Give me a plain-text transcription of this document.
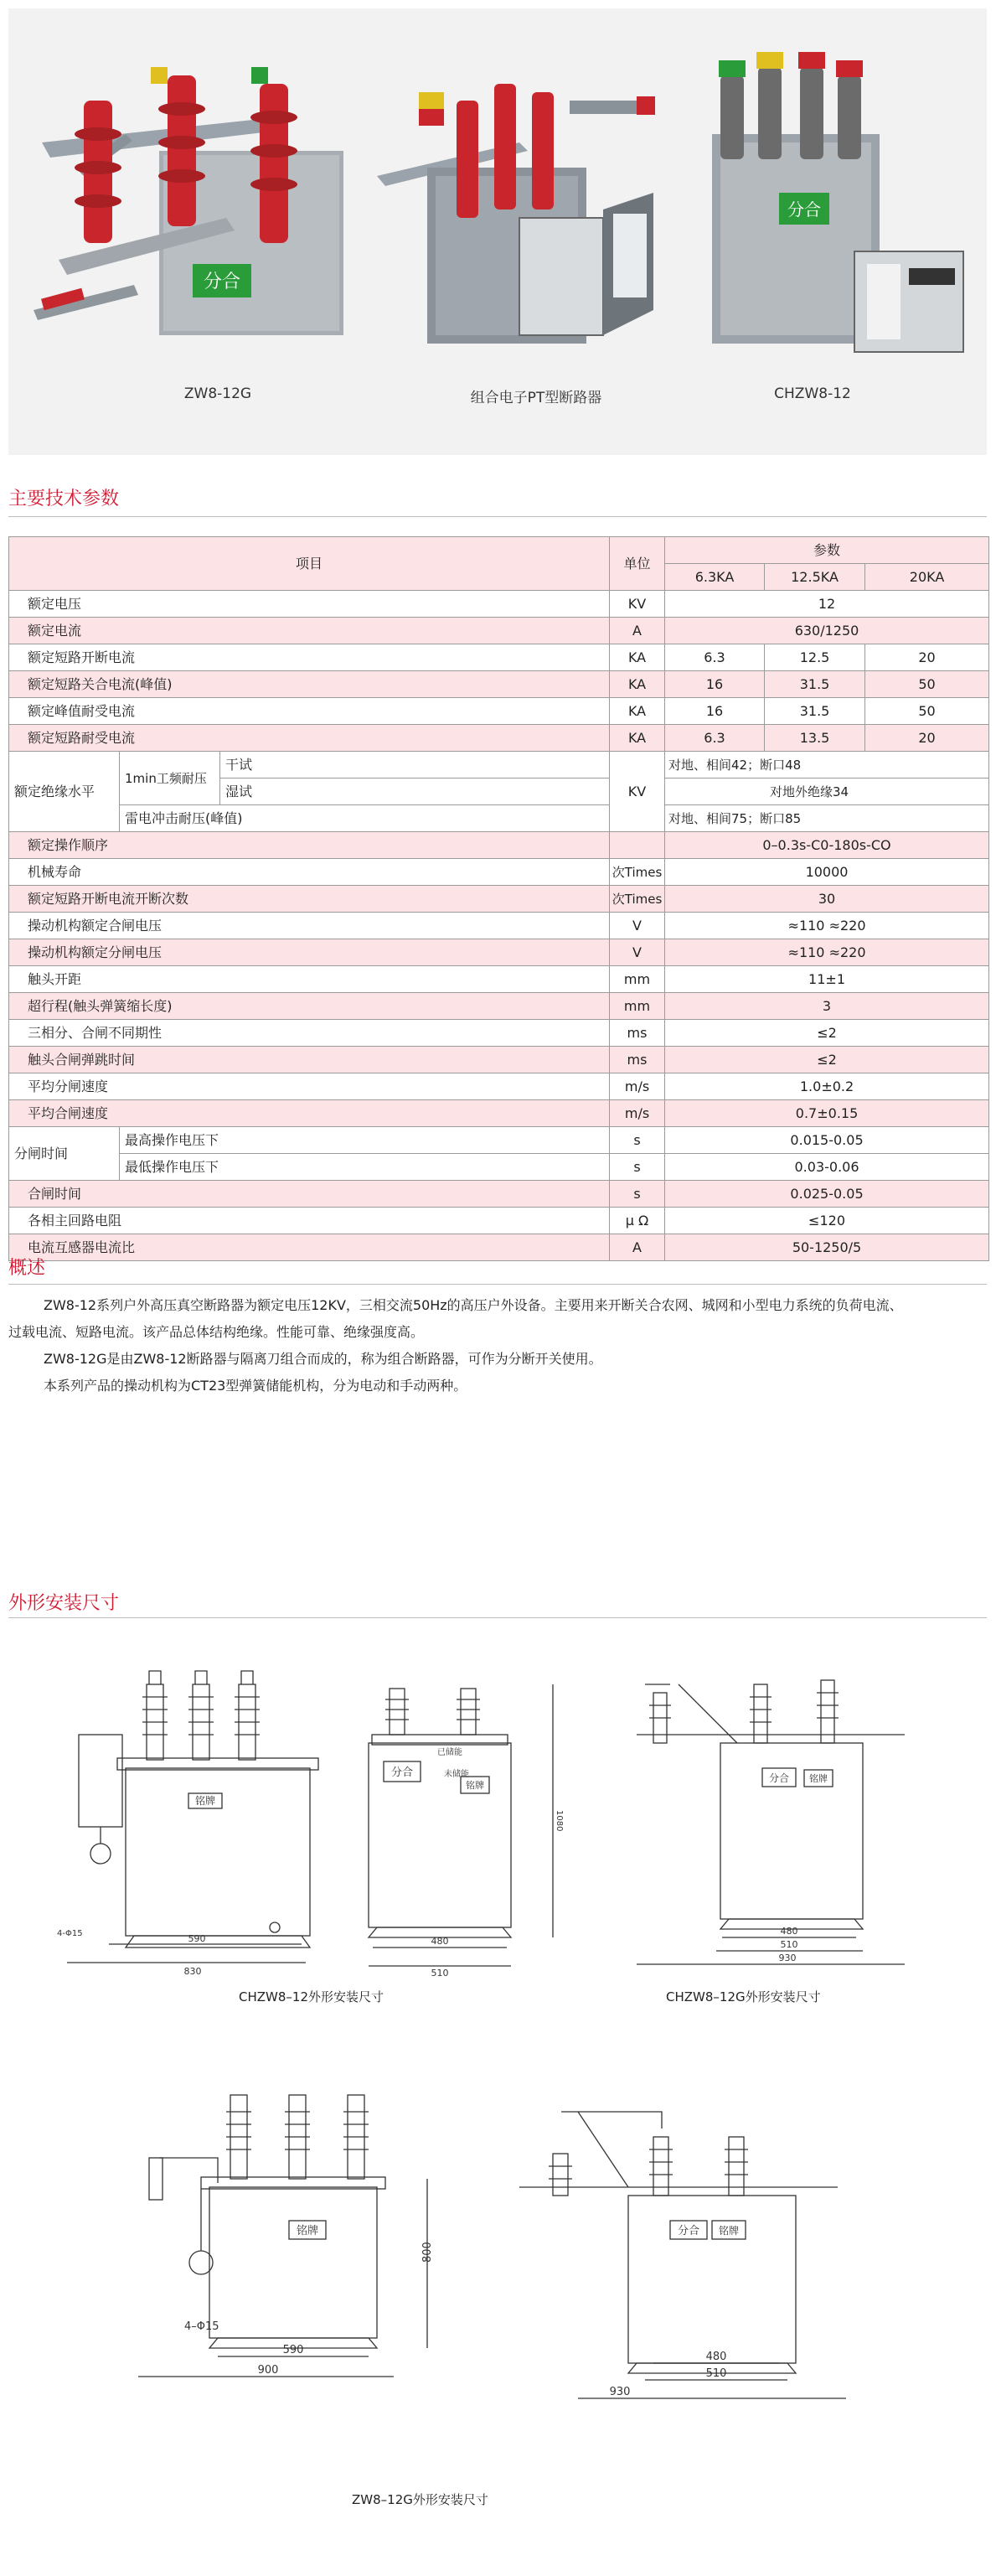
分合
分合
ZW8-12G	组合电子PT型断路器	CHZW8-12
主要技术参数
项目			单位	参数		
				6.3KA	12.5KA	20KA
额定电压			KV	12		
额定电流			A	630/1250		
额定短路开断电流			KA	6.3	12.5	20
额定短路关合电流(峰值)			KA	16	31.5	50
额定峰值耐受电流			KA	16	31.5	50
额定短路耐受电流			KA	6.3	13.5	20
额定绝缘水平	1min工频耐压	干试	KV	对地、相间42；断口48		
		湿试		对地外绝缘34		
	雷电冲击耐压(峰值)			对地、相间75；断口85		
额定操作顺序				0–0.3s-C0-180s-CO		
机械寿命			次Times	10000		
额定短路开断电流开断次数			次Times	30		
操动机构额定合闸电压			V	≈110 ≈220		
操动机构额定分闸电压			V	≈110 ≈220		
触头开距			mm	11±1		
超行程(触头弹簧缩长度)			mm	3		
三相分、合闸不同期性			ms	≤2		
触头合闸弹跳时间			ms	≤2		
平均分闸速度			m/s	1.0±0.2		
平均合闸速度			m/s	0.7±0.15		
分闸时间	最高操作电压下		s	0.015-0.05		
	最低操作电压下		s	0.03-0.06		
合闸时间			s	0.025-0.05		
各相主回路电阻			μ Ω	≤120		
电流互感器电流比			A	50-1250/5		
概述
ZW8-12系列户外高压真空断路器为额定电压12KV，三相交流50Hz的高压户外设备。主要用来开断关合农网、城网和小型电力系统的负荷电流、
过载电流、短路电流。该产品总体结构绝缘。性能可靠、绝缘强度高。
ZW8-12G是由ZW8-12断路器与隔离刀组合而成的，称为组合断路器，可作为分断开关使用。
本系列产品的操动机构为CT23型弹簧储能机构，分为电动和手动两种。
外形安装尺寸
铭牌
4-Φ15	590
830
分合
已储能
未储能
铭牌
1080
480
510
分合 铭牌
480
510
930
CHZW8–12外形安装尺寸	CHZW8–12G外形安装尺寸
铭牌
4–Φ15
800
590
900
分合 铭牌
480
510
930
ZW8–12G外形安装尺寸
